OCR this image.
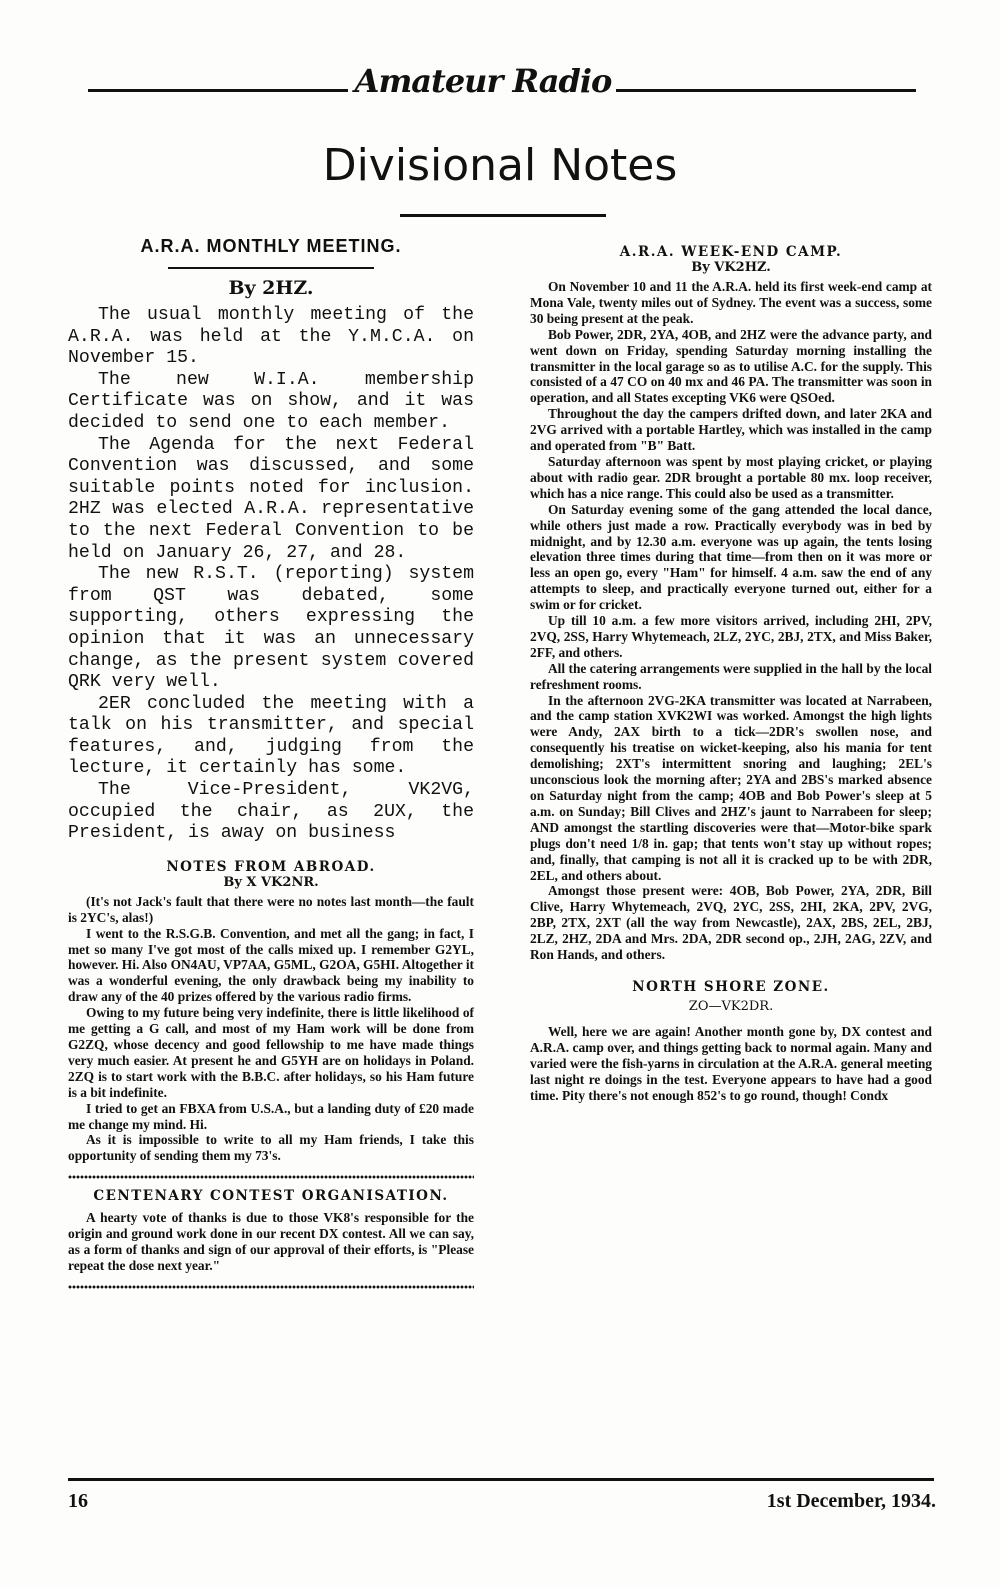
Amateur Radio
Divisional Notes
A.R.A. MONTHLY MEETING.
By 2HZ.

The usual monthly meeting of the A.R.A. was held at the Y.M.C.A. on November 15.

The new W.I.A. membership Certificate was on show, and it was decided to send one to each member.

The Agenda for the next Federal Convention was discussed, and some suitable points noted for inclusion. 2HZ was elected A.R.A. representative to the next Federal Convention to be held on January 26, 27, and 28.

The new R.S.T. (reporting) system from QST was debated, some supporting, others expressing the opinion that it was an unnecessary change, as the present system covered QRK very well.

2ER concluded the meeting with a talk on his transmitter, and special features, and, judging from the lecture, it certainly has some.

The Vice-President, VK2VG, occupied the chair, as 2UX, the President, is away on business

NOTES FROM ABROAD.
By X VK2NR.

(It's not Jack's fault that there were no notes last month—the fault is 2YC's, alas!)

I went to the R.S.G.B. Convention, and met all the gang; in fact, I met so many I've got most of the calls mixed up. I remember G2YL, however. Hi. Also ON4AU, VP7AA, G5ML, G2OA, G5HI. Altogether it was a wonderful evening, the only drawback being my inability to draw any of the 40 prizes offered by the various radio firms.

Owing to my future being very indefinite, there is little likelihood of me getting a G call, and most of my Ham work will be done from G2ZQ, whose decency and good fellowship to me have made things very much easier. At present he and G5YH are on holidays in Poland. 2ZQ is to start work with the B.B.C. after holidays, so his Ham future is a bit indefinite.

I tried to get an FBXA from U.S.A., but a landing duty of £20 made me change my mind. Hi.

As it is impossible to write to all my Ham friends, I take this opportunity of sending them my 73's.

CENTENARY CONTEST ORGANISATION.

A hearty vote of thanks is due to those VK8's responsible for the origin and ground work done in our recent DX contest. All we can say, as a form of thanks and sign of our approval of their efforts, is "Please repeat the dose next year."

A.R.A. WEEK-END CAMP.
By VK2HZ.

On November 10 and 11 the A.R.A. held its first week-end camp at Mona Vale, twenty miles out of Sydney. The event was a success, some 30 being present at the peak.

Bob Power, 2DR, 2YA, 4OB, and 2HZ were the advance party, and went down on Friday, spending Saturday morning installing the transmitter in the local garage so as to utilise A.C. for the supply. This consisted of a 47 CO on 40 mx and 46 PA. The transmitter was soon in operation, and all States excepting VK6 were QSOed.

Throughout the day the campers drifted down, and later 2KA and 2VG arrived with a portable Hartley, which was installed in the camp and operated from "B" Batt.

Saturday afternoon was spent by most playing cricket, or playing about with radio gear. 2DR brought a portable 80 mx. loop receiver, which has a nice range. This could also be used as a transmitter.

On Saturday evening some of the gang attended the local dance, while others just made a row. Practically everybody was in bed by midnight, and by 12.30 a.m. everyone was up again, the tents losing elevation three times during that time—from then on it was more or less an open go, every "Ham" for himself. 4 a.m. saw the end of any attempts to sleep, and practically everyone turned out, either for a swim or for cricket.

Up till 10 a.m. a few more visitors arrived, including 2HI, 2PV, 2VQ, 2SS, Harry Whytemeach, 2LZ, 2YC, 2BJ, 2TX, and Miss Baker, 2FF, and others.

All the catering arrangements were supplied in the hall by the local refreshment rooms.

In the afternoon 2VG-2KA transmitter was located at Narrabeen, and the camp station XVK2WI was worked. Amongst the high lights were Andy, 2AX birth to a tick—2DR's swollen nose, and consequently his treatise on wicket-keeping, also his mania for tent demolishing; 2XT's intermittent snoring and laughing; 2EL's unconscious look the morning after; 2YA and 2BS's marked absence on Saturday night from the camp; 4OB and Bob Power's sleep at 5 a.m. on Sunday; Bill Clives and 2HZ's jaunt to Narrabeen for sleep; AND amongst the startling discoveries were that—Motor-bike spark plugs don't need 1/8 in. gap; that tents won't stay up without ropes; and, finally, that camping is not all it is cracked up to be with 2DR, 2EL, and others about.

Amongst those present were: 4OB, Bob Power, 2YA, 2DR, Bill Clive, Harry Whytemeach, 2VQ, 2YC, 2SS, 2HI, 2KA, 2PV, 2VG, 2BP, 2TX, 2XT (all the way from Newcastle), 2AX, 2BS, 2EL, 2BJ, 2LZ, 2HZ, 2DA and Mrs. 2DA, 2DR second op., 2JH, 2AG, 2ZV, and Ron Hands, and others.

NORTH SHORE ZONE.
ZO—VK2DR.

Well, here we are again! Another month gone by, DX contest and A.R.A. camp over, and things getting back to normal again. Many and varied were the fish-yarns in circulation at the A.R.A. general meeting last night re doings in the test. Everyone appears to have had a good time. Pity there's not enough 852's to go round, though! Condx

16	1st December, 1934.
